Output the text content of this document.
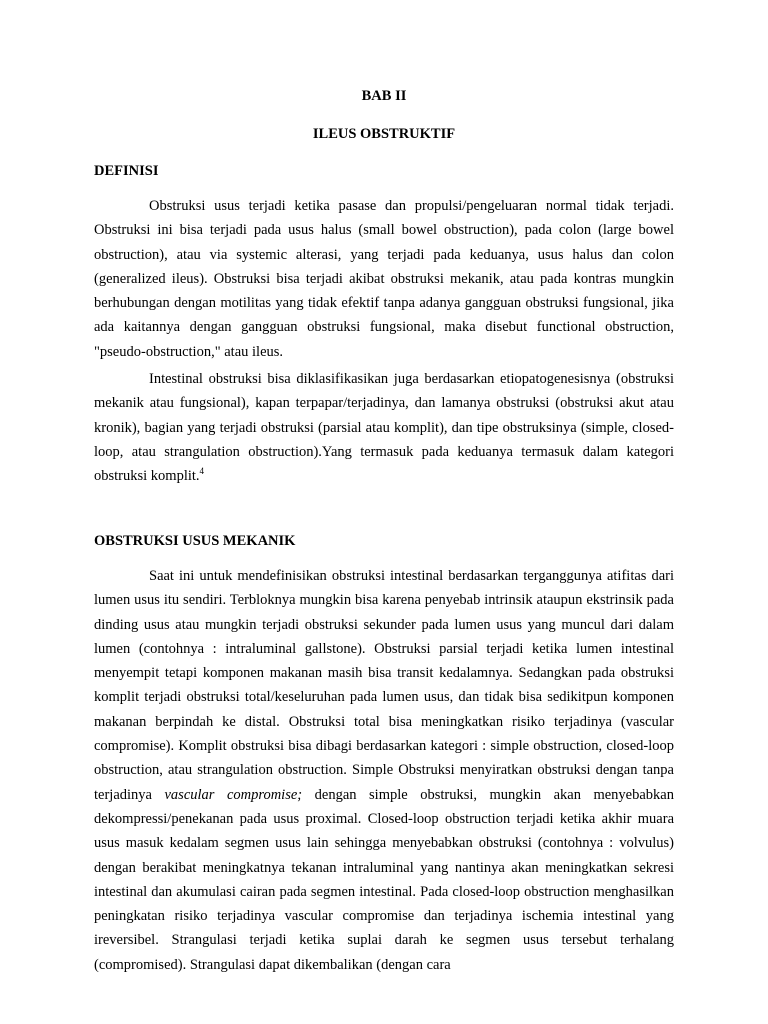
BAB II
ILEUS OBSTRUKTIF
DEFINISI

Obstruksi usus terjadi ketika pasase dan propulsi/pengeluaran normal tidak terjadi. Obstruksi ini bisa terjadi pada usus halus (small bowel obstruction), pada colon (large bowel obstruction), atau via systemic alterasi, yang terjadi pada keduanya, usus halus dan colon (generalized ileus). Obstruksi bisa terjadi akibat obstruksi mekanik, atau pada kontras mungkin berhubungan dengan motilitas yang tidak efektif tanpa adanya gangguan obstruksi fungsional, jika ada kaitannya dengan gangguan obstruksi fungsional, maka disebut functional obstruction, "pseudo-obstruction," atau ileus.

Intestinal obstruksi bisa diklasifikasikan juga berdasarkan etiopatogenesisnya (obstruksi mekanik atau fungsional), kapan terpapar/terjadinya, dan lamanya obstruksi (obstruksi akut atau kronik), bagian yang terjadi obstruksi (parsial atau komplit), dan tipe obstruksinya (simple, closed-loop, atau strangulation obstruction).Yang termasuk pada keduanya termasuk dalam kategori obstruksi komplit.$^4$

OBSTRUKSI USUS MEKANIK

Saat ini untuk mendefinisikan obstruksi intestinal berdasarkan terganggunya atifitas dari lumen usus itu sendiri. Terbloknya mungkin bisa karena penyebab intrinsik ataupun ekstrinsik pada dinding usus atau mungkin terjadi obstruksi sekunder pada lumen usus yang muncul dari dalam lumen (contohnya : intraluminal gallstone). Obstruksi parsial terjadi ketika lumen intestinal menyempit tetapi komponen makanan masih bisa transit kedalamnya. Sedangkan pada obstruksi komplit terjadi obstruksi total/keseluruhan pada lumen usus, dan tidak bisa sedikitpun komponen makanan berpindah ke distal. Obstruksi total bisa meningkatkan risiko terjadinya (vascular compromise). Komplit obstruksi bisa dibagi berdasarkan kategori : simple obstruction, closed-loop obstruction, atau strangulation obstruction. Simple Obstruksi menyiratkan obstruksi dengan tanpa terjadinya vascular compromise; dengan simple obstruksi, mungkin akan menyebabkan dekompressi/penekanan pada usus proximal. Closed-loop obstruction terjadi ketika akhir muara usus masuk kedalam segmen usus lain sehingga menyebabkan obstruksi (contohnya : volvulus) dengan berakibat meningkatnya tekanan intraluminal yang nantinya akan meningkatkan sekresi intestinal dan akumulasi cairan pada segmen intestinal. Pada closed-loop obstruction menghasilkan peningkatan risiko terjadinya vascular compromise dan terjadinya ischemia intestinal yang ireversibel. Strangulasi terjadi ketika suplai darah ke segmen usus tersebut terhalang (compromised). Strangulasi dapat dikembalikan (dengan cara
